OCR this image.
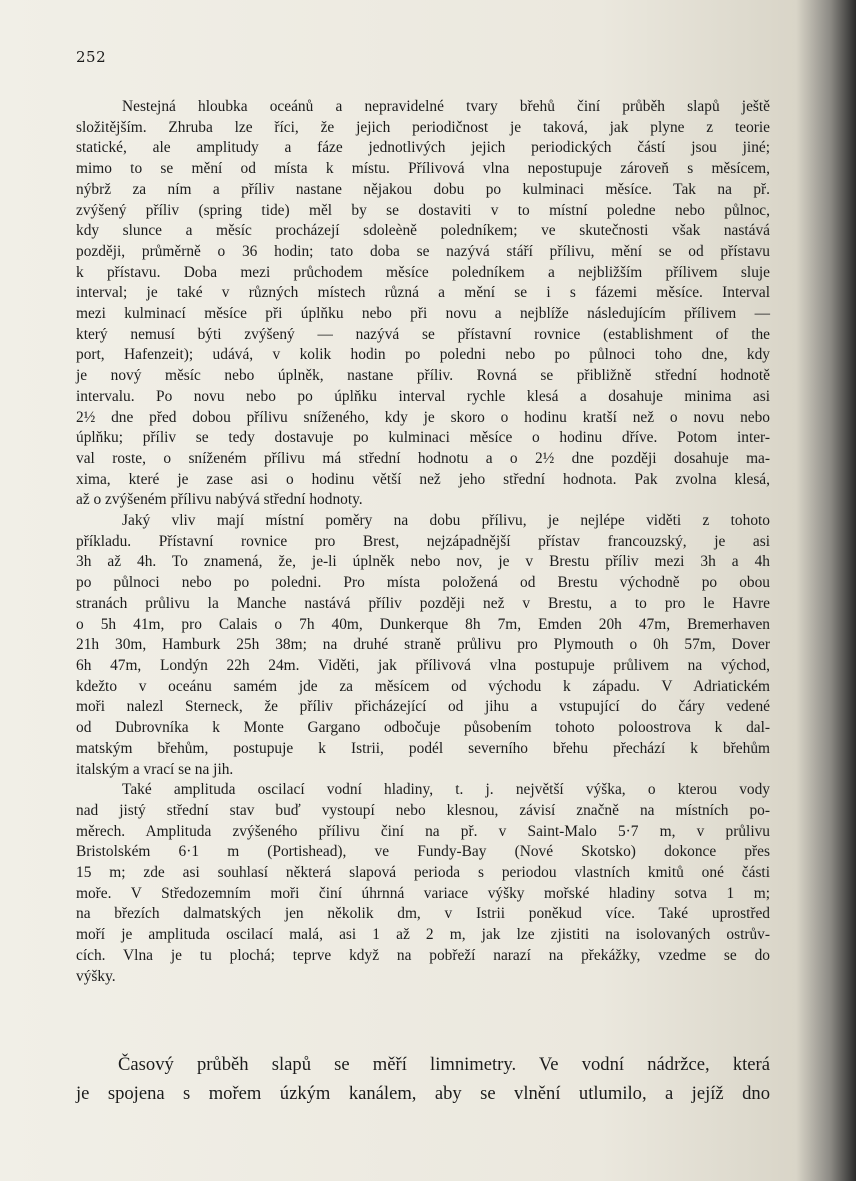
252
Nestejná hloubka oceánů a nepravidelné tvary břehů činí průběh slapů ještě
složitějším. Zhruba lze říci, že jejich periodičnost je taková, jak plyne z teorie
statické, ale amplitudy a fáze jednotlivých jejich periodických částí jsou jiné;
mimo to se mění od místa k místu. Přílivová vlna nepostupuje zároveň s měsícem,
nýbrž za ním a příliv nastane nějakou dobu po kulminaci měsíce. Tak na př.
zvýšený příliv (spring tide) měl by se dostaviti v to místní poledne nebo půlnoc,
kdy slunce a měsíc procházejí sdoleèně poledníkem; ve skutečnosti však nastává
později, průměrně o 36 hodin; tato doba se nazývá stáří přílivu, mění se od přístavu
k přístavu. Doba mezi průchodem měsíce poledníkem a nejbližším přílivem sluje
interval; je také v různých místech různá a mění se i s fázemi měsíce. Interval
mezi kulminací měsíce při úplňku nebo při novu a nejblíže následujícím přílivem —
který nemusí býti zvýšený — nazývá se přístavní rovnice (establishment of the
port, Hafenzeit); udává, v kolik hodin po poledni nebo po půlnoci toho dne, kdy
je nový měsíc nebo úplněk, nastane příliv. Rovná se přibližně střední hodnotě
intervalu. Po novu nebo po úplňku interval rychle klesá a dosahuje minima asi
2½ dne před dobou přílivu sníženého, kdy je skoro o hodinu kratší než o novu nebo
úplňku; příliv se tedy dostavuje po kulminaci měsíce o hodinu dříve. Potom inter-
val roste, o sníženém přílivu má střední hodnotu a o 2½ dne později dosahuje ma-
xima, které je zase asi o hodinu větší než jeho střední hodnota. Pak zvolna klesá,
až o zvýšeném přílivu nabývá střední hodnoty.
Jaký vliv mají místní poměry na dobu přílivu, je nejlépe viděti z tohoto
příkladu. Přístavní rovnice pro Brest, nejzápadnější přístav francouzský, je asi
3h až 4h. To znamená, že, je-li úplněk nebo nov, je v Brestu příliv mezi 3h a 4h
po půlnoci nebo po poledni. Pro místa položená od Brestu východně po obou
stranách průlivu la Manche nastává příliv později než v Brestu, a to pro le Havre
o 5h 41m, pro Calais o 7h 40m, Dunkerque 8h 7m, Emden 20h 47m, Bremerhaven
21h 30m, Hamburk 25h 38m; na druhé straně průlivu pro Plymouth o 0h 57m, Dover
6h 47m, Londýn 22h 24m. Viděti, jak přílivová vlna postupuje průlivem na východ,
kdežto v oceánu samém jde za měsícem od východu k západu. V Adriatickém
moři nalezl Sterneck, že příliv přicházející od jihu a vstupující do čáry vedené
od Dubrovníka k Monte Gargano odbočuje působením tohoto poloostrova k dal-
matským břehům, postupuje k Istrii, podél severního břehu přechází k břehům
italským a vrací se na jih.
Také amplituda oscilací vodní hladiny, t. j. největší výška, o kterou vody
nad jistý střední stav buď vystoupí nebo klesnou, závisí značně na místních po-
měrech. Amplituda zvýšeného přílivu činí na př. v Saint-Malo 5·7 m, v průlivu
Bristolském 6·1 m (Portishead), ve Fundy-Bay (Nové Skotsko) dokonce přes
15 m; zde asi souhlasí některá slapová perioda s periodou vlastních kmitů oné části
moře. V Středozemním moři činí úhrnná variace výšky mořské hladiny sotva 1 m;
na březích dalmatských jen několik dm, v Istrii poněkud více. Také uprostřed
moří je amplituda oscilací malá, asi 1 až 2 m, jak lze zjistiti na isolovaných ostrův-
cích. Vlna je tu plochá; teprve když na pobřeží narazí na překážky, vzedme se do
výšky.
Časový průběh slapů se měří limnimetry. Ve vodní nádržce, která
je spojena s mořem úzkým kanálem, aby se vlnění utlumilo, a jejíž dno
